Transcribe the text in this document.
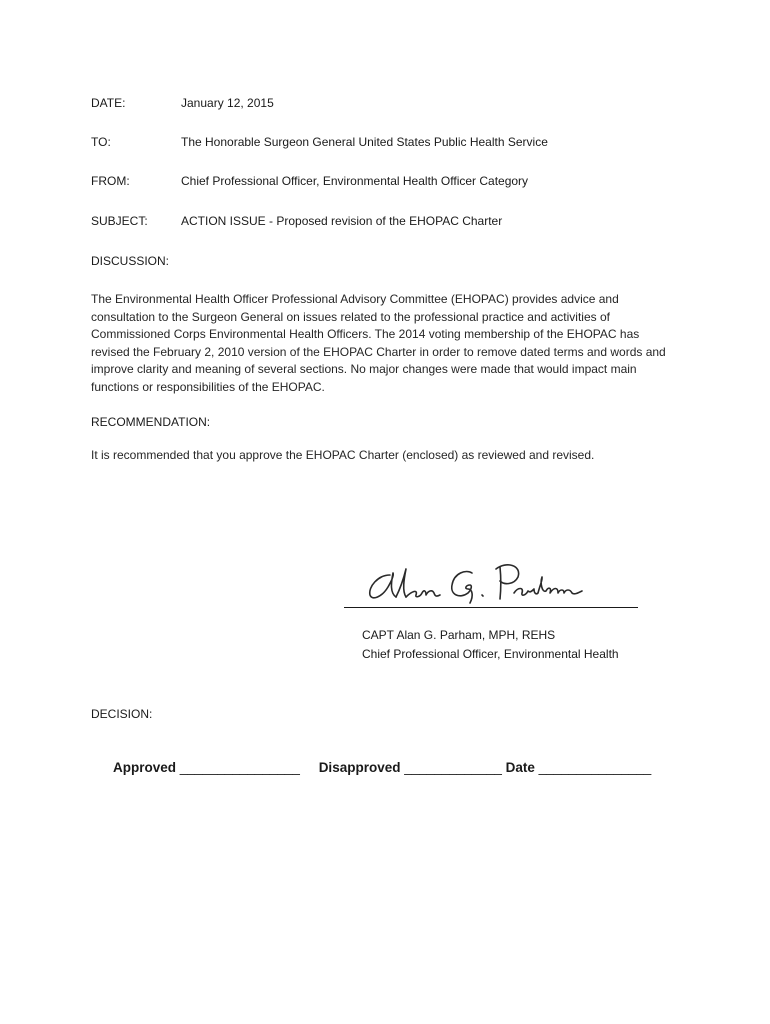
DATE:	January 12, 2015
TO:	The Honorable Surgeon General United States Public Health Service
FROM:	Chief Professional Officer, Environmental Health Officer Category
SUBJECT:	ACTION ISSUE - Proposed revision of the EHOPAC Charter
DISCUSSION:
The Environmental Health Officer Professional Advisory Committee (EHOPAC) provides advice and consultation to the Surgeon General on issues related to the professional practice and activities of Commissioned Corps Environmental Health Officers. The 2014 voting membership of the EHOPAC has revised the February 2, 2010 version of the EHOPAC Charter in order to remove dated terms and words and improve clarity and meaning of several sections. No major changes were made that would impact main functions or responsibilities of the EHOPAC.
RECOMMENDATION:
It is recommended that you approve the EHOPAC Charter (enclosed) as reviewed and revised.
CAPT Alan G. Parham, MPH, REHS
Chief Professional Officer, Environmental Health
DECISION:
Approved ________________ Disapproved _____________ Date _______________
